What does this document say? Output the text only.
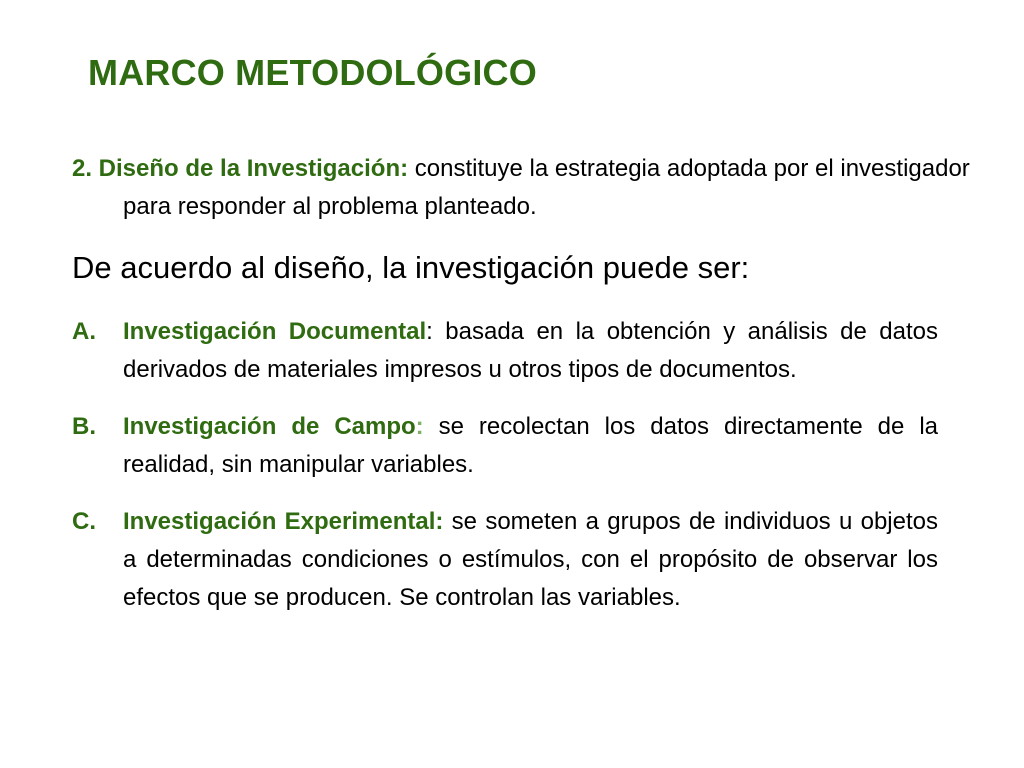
MARCO METODOLÓGICO
2. Diseño de la Investigación: constituye la estrategia adoptada por el investigador para responder al problema planteado.
De acuerdo al diseño, la investigación puede ser:
A. Investigación Documental: basada en la obtención y análisis de datos derivados de materiales impresos u otros tipos de documentos.
B. Investigación de Campo: se recolectan los datos directamente de la realidad, sin manipular variables.
C. Investigación Experimental: se someten a grupos de individuos u objetos a determinadas condiciones o estímulos, con el propósito de observar los efectos que se producen. Se controlan las variables.
